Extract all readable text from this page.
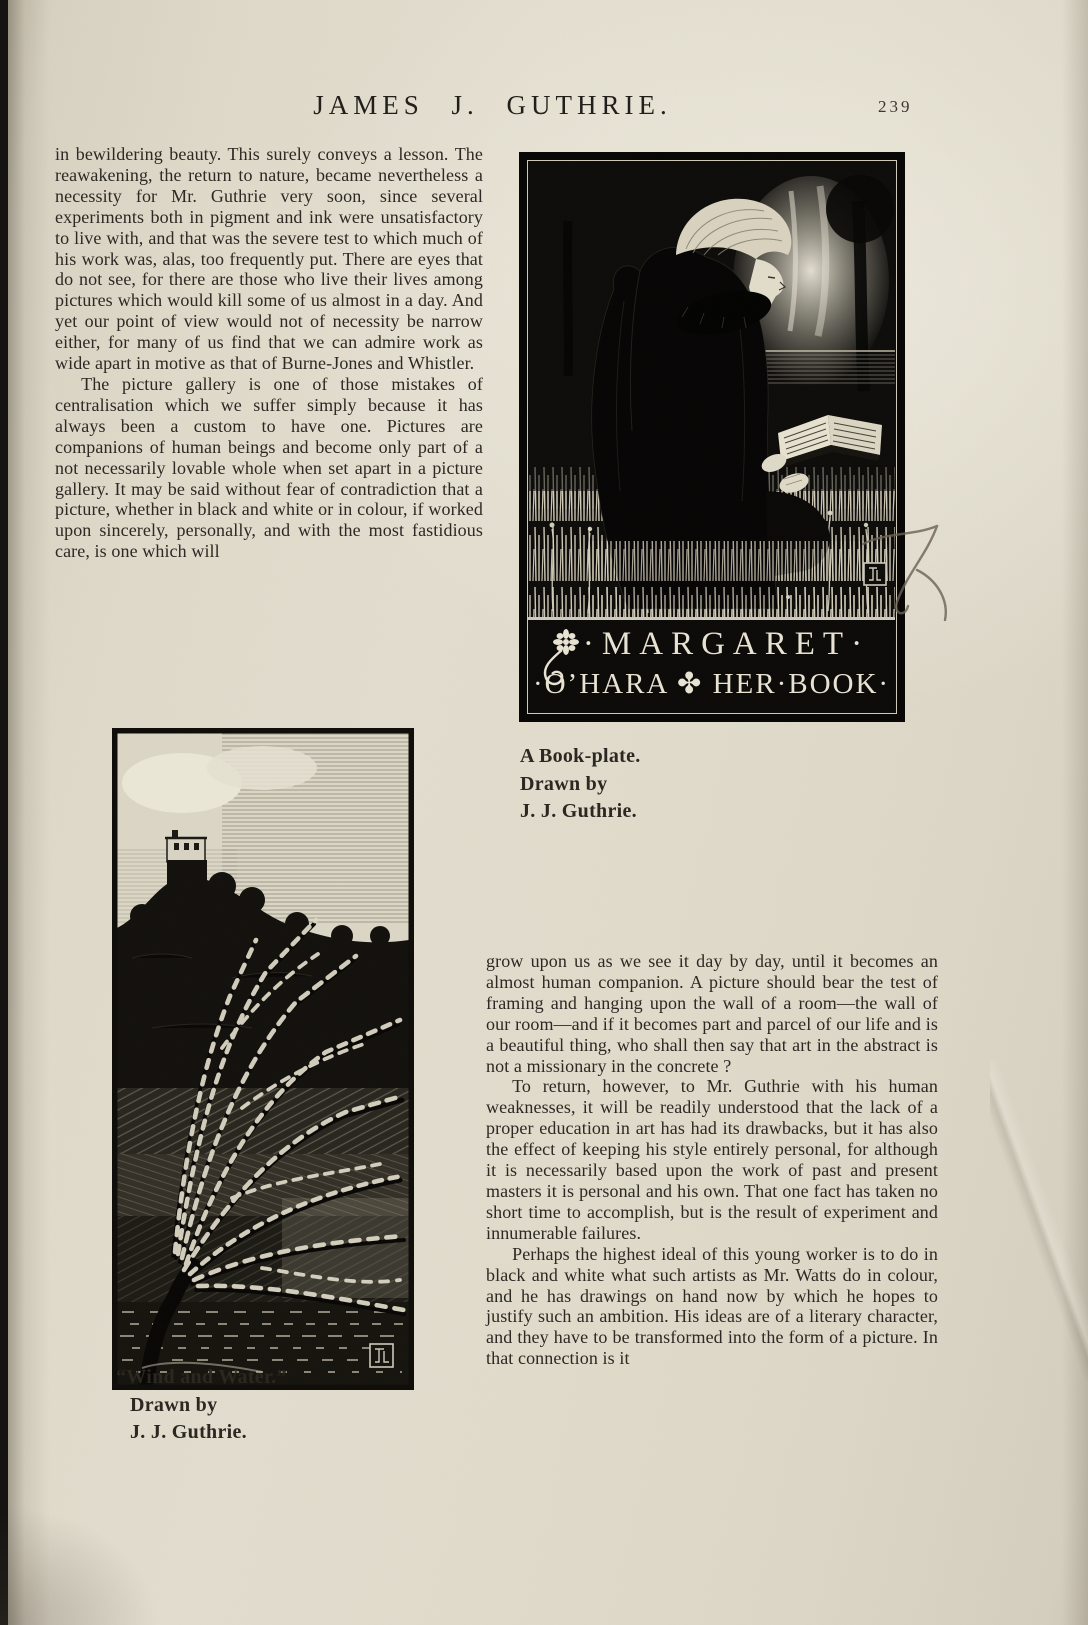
JAMES J. GUTHRIE.	239

in bewildering beauty. This surely conveys a lesson. The reawakening, the return to nature, became nevertheless a necessity for Mr. Guthrie very soon, since several experiments both in pigment and ink were unsatisfactory to live with, and that was the severe test to which much of his work was, alas, too frequently put. There are eyes that do not see, for there are those who live their lives among pictures which would kill some of us almost in a day. And yet our point of view would not of necessity be narrow either, for many of us find that we can admire work as wide apart in motive as that of Burne-Jones and Whistler.

The picture gallery is one of those mistakes of centralisation which we suffer simply because it has always been a custom to have one. Pictures are companions of human beings and become only part of a not necessarily lovable whole when set apart in a picture gallery. It may be said without fear of contradiction that a picture, whether in black and white or in colour, if worked upon sincerely, personally, and with the most fastidious care, is one which will

·MARGARET·
·O’HARA ✤ HER·BOOK·
A Book-plate.
Drawn by
J. J. Guthrie.
“Wind and Water.”
Drawn by
J. J. Guthrie.

grow upon us as we see it day by day, until it becomes an almost human companion. A picture should bear the test of framing and hanging upon the wall of a room—the wall of our room—and if it becomes part and parcel of our life and is a beautiful thing, who shall then say that art in the abstract is not a missionary in the concrete ?

To return, however, to Mr. Guthrie with his human weaknesses, it will be readily understood that the lack of a proper education in art has had its drawbacks, but it has also the effect of keeping his style entirely personal, for although it is necessarily based upon the work of past and present masters it is personal and his own. That one fact has taken no short time to accomplish, but is the result of experiment and innumerable failures.

Perhaps the highest ideal of this young worker is to do in black and white what such artists as Mr. Watts do in colour, and he has drawings on hand now by which he hopes to justify such an ambition. His ideas are of a literary character, and they have to be transformed into the form of a picture. In that connection is it
